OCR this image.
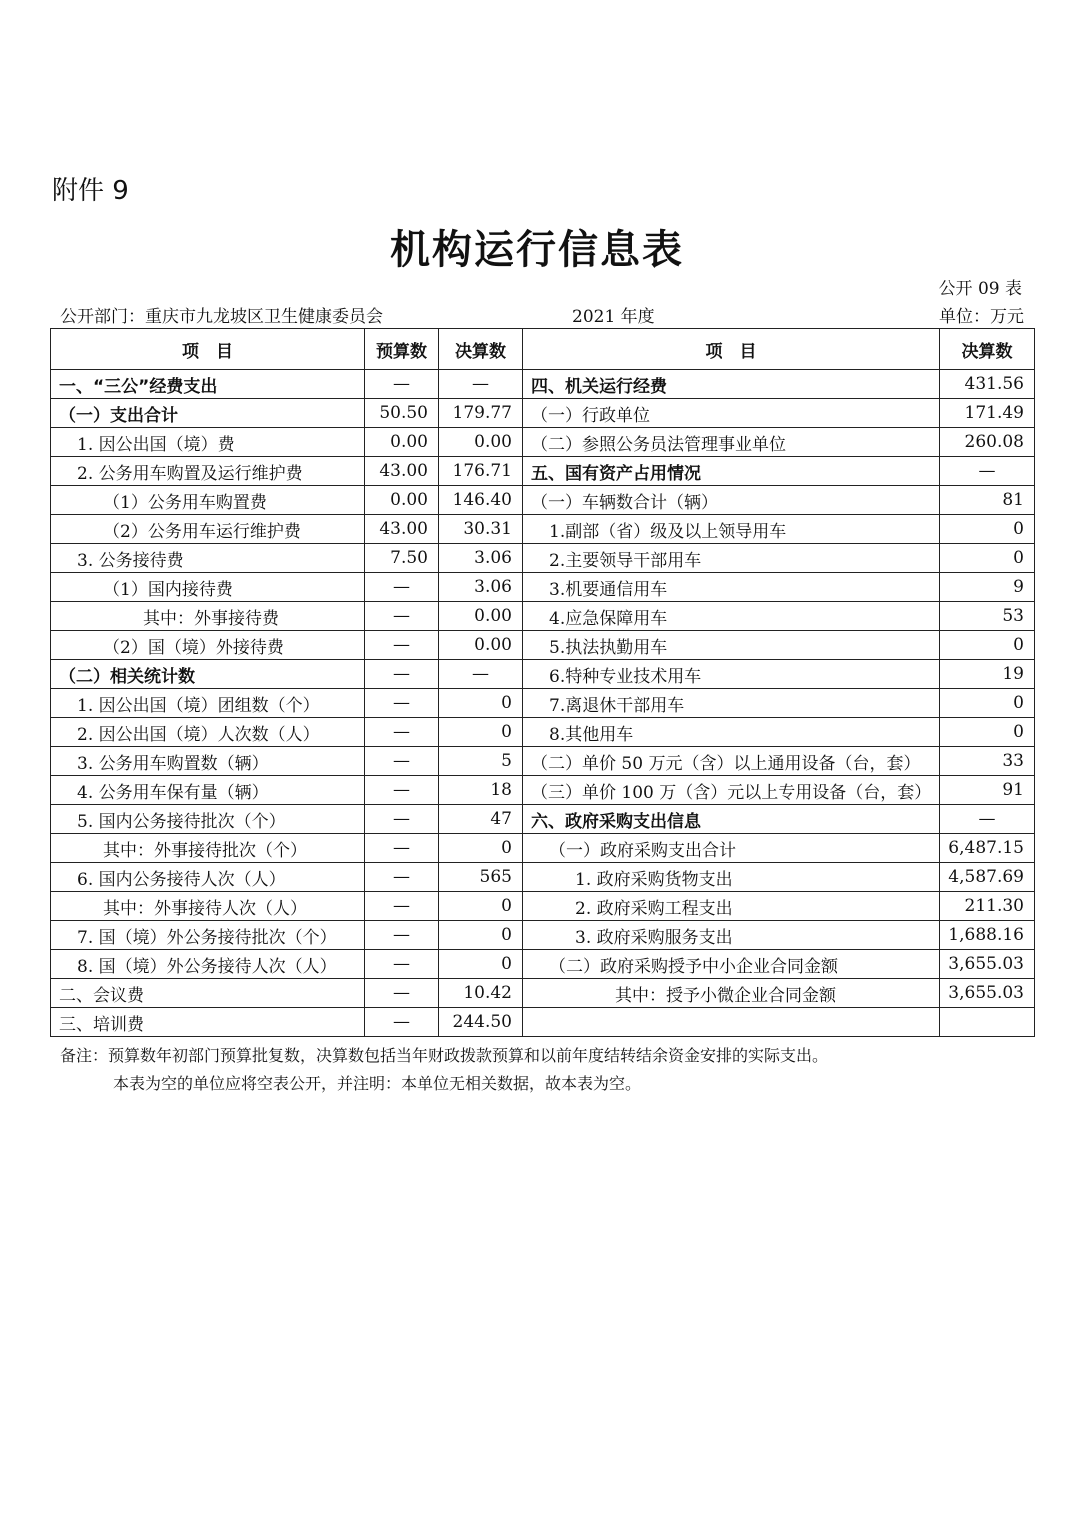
附件 9
机构运行信息表
公开 09 表
公开部门：重庆市九龙坡区卫生健康委员会	2021 年度	单位：万元
项　目	预算数	决算数	项　目	决算数
一、“三公”经费支出	—	—	四、机关运行经费	431.56
（一）支出合计	50.50	179.77	（一）行政单位	171.49
1. 因公出国（境）费	0.00	0.00	（二）参照公务员法管理事业单位	260.08
2. 公务用车购置及运行维护费	43.00	176.71	五、国有资产占用情况	—
（1）公务用车购置费	0.00	146.40	（一）车辆数合计（辆）	81
（2）公务用车运行维护费	43.00	30.31	1.副部（省）级及以上领导用车	0
3. 公务接待费	7.50	3.06	2.主要领导干部用车	0
（1）国内接待费	—	3.06	3.机要通信用车	9
其中：外事接待费	—	0.00	4.应急保障用车	53
（2）国（境）外接待费	—	0.00	5.执法执勤用车	0
（二）相关统计数	—	—	6.特种专业技术用车	19
1. 因公出国（境）团组数（个）	—	0	7.离退休干部用车	0
2. 因公出国（境）人次数（人）	—	0	8.其他用车	0
3. 公务用车购置数（辆）	—	5	（二）单价 50 万元（含）以上通用设备（台，套）	33
4. 公务用车保有量（辆）	—	18	（三）单价 100 万（含）元以上专用设备（台，套）	91
5. 国内公务接待批次（个）	—	47	六、政府采购支出信息	—
其中：外事接待批次（个）	—	0	（一）政府采购支出合计	6,487.15
6. 国内公务接待人次（人）	—	565	1. 政府采购货物支出	4,587.69
其中：外事接待人次（人）	—	0	2. 政府采购工程支出	211.30
7. 国（境）外公务接待批次（个）	—	0	3. 政府采购服务支出	1,688.16
8. 国（境）外公务接待人次（人）	—	0	（二）政府采购授予中小企业合同金额	3,655.03
二、会议费	—	10.42	其中：授予小微企业合同金额	3,655.03
三、培训费	—	244.50		
备注：预算数年初部门预算批复数，决算数包括当年财政拨款预算和以前年度结转结余资金安排的实际支出。
本表为空的单位应将空表公开，并注明：本单位无相关数据，故本表为空。
